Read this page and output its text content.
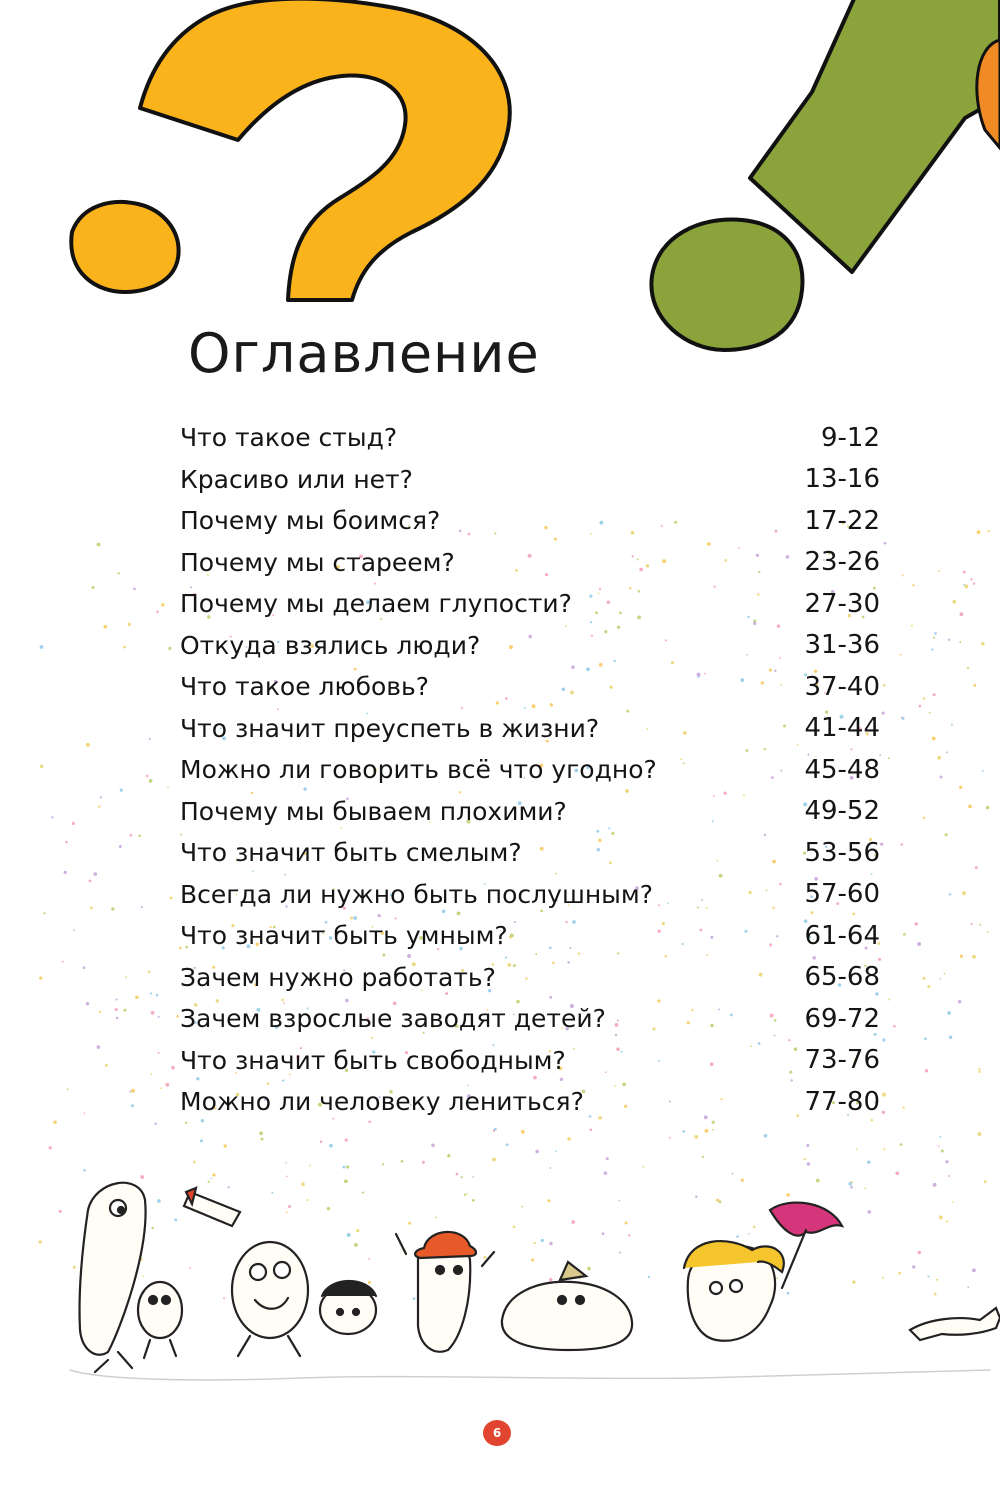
Оглавление
Что такое стыд?	9-12
Красиво или нет?	13-16
Почему мы боимся?	17-22
Почему мы стареем?	23-26
Почему мы делаем глупости?	27-30
Откуда взялись люди?	31-36
Что такое любовь?	37-40
Что значит преуспеть в жизни?	41-44
Можно ли говорить всё что угодно?	45-48
Почему мы бываем плохими?	49-52
Что значит быть смелым?	53-56
Всегда ли нужно быть послушным?	57-60
Что значит быть умным?	61-64
Зачем нужно работать?	65-68
Зачем взрослые заводят детей?	69-72
Что значит быть свободным?	73-76
Можно ли человеку лениться?	77-80
6
